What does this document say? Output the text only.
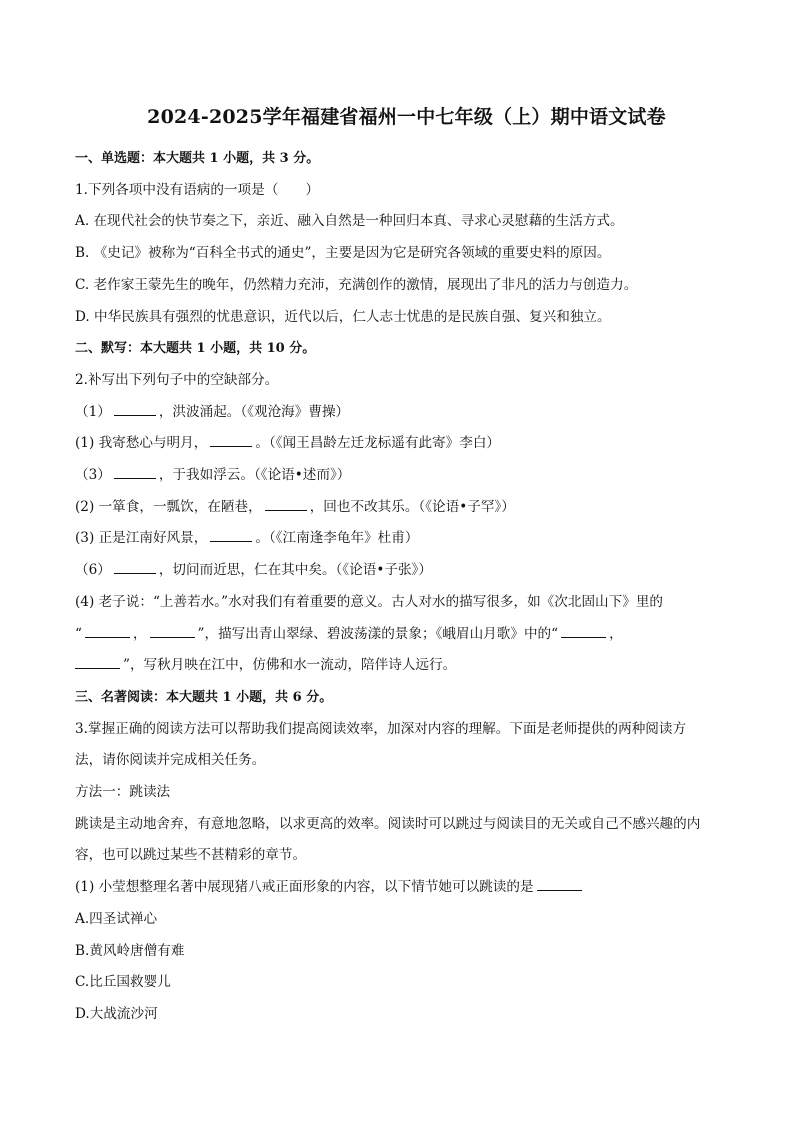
2024-2025学年福建省福州一中七年级（上）期中语文试卷
一、单选题：本大题共 1 小题，共 3 分。
1.下列各项中没有语病的一项是（　　）
A. 在现代社会的快节奏之下，亲近、融入自然是一种回归本真、寻求心灵慰藉的生活方式。
B. 《史记》被称为“百科全书式的通史”，主要是因为它是研究各领域的重要史料的原因。
C. 老作家王蒙先生的晚年，仍然精力充沛，充满创作的激情，展现出了非凡的活力与创造力。
D. 中华民族具有强烈的忧患意识，近代以后，仁人志士忧患的是民族自强、复兴和独立。
二、默写：本大题共 1 小题，共 10 分。
2.补写出下列句子中的空缺部分。
（1）	，洪波涌起。（《观沧海》曹操）
(1) 我寄愁心与明月，	。（《闻王昌龄左迁龙标遥有此寄》李白）
（3）	，于我如浮云。（《论语•述而》）
(2) 一箪食，一瓢饮，在陋巷，	，回也不改其乐。（《论语•子罕》）
(3) 正是江南好风景，	。（《江南逢李龟年》杜甫）
（6）	，切问而近思，仁在其中矣。（《论语•子张》）
(4) 老子说：“上善若水。”水对我们有着重要的意义。古人对水的描写很多，如《次北固山下》里的
“	，	”，描写出青山翠绿、碧波荡漾的景象；《峨眉山月歌》中的“	，
”，写秋月映在江中，仿佛和水一流动，陪伴诗人远行。
三、名著阅读：本大题共 1 小题，共 6 分。
3.掌握正确的阅读方法可以帮助我们提高阅读效率，加深对内容的理解。下面是老师提供的两种阅读方
法，请你阅读并完成相关任务。
方法一：跳读法
跳读是主动地舍弃，有意地忽略，以求更高的效率。阅读时可以跳过与阅读目的无关或自己不感兴趣的内
容，也可以跳过某些不甚精彩的章节。
(1) 小莹想整理名著中展现猪八戒正面形象的内容，以下情节她可以跳读的是
A.四圣试禅心
B.黄风岭唐僧有难
C.比丘国救婴儿
D.大战流沙河
